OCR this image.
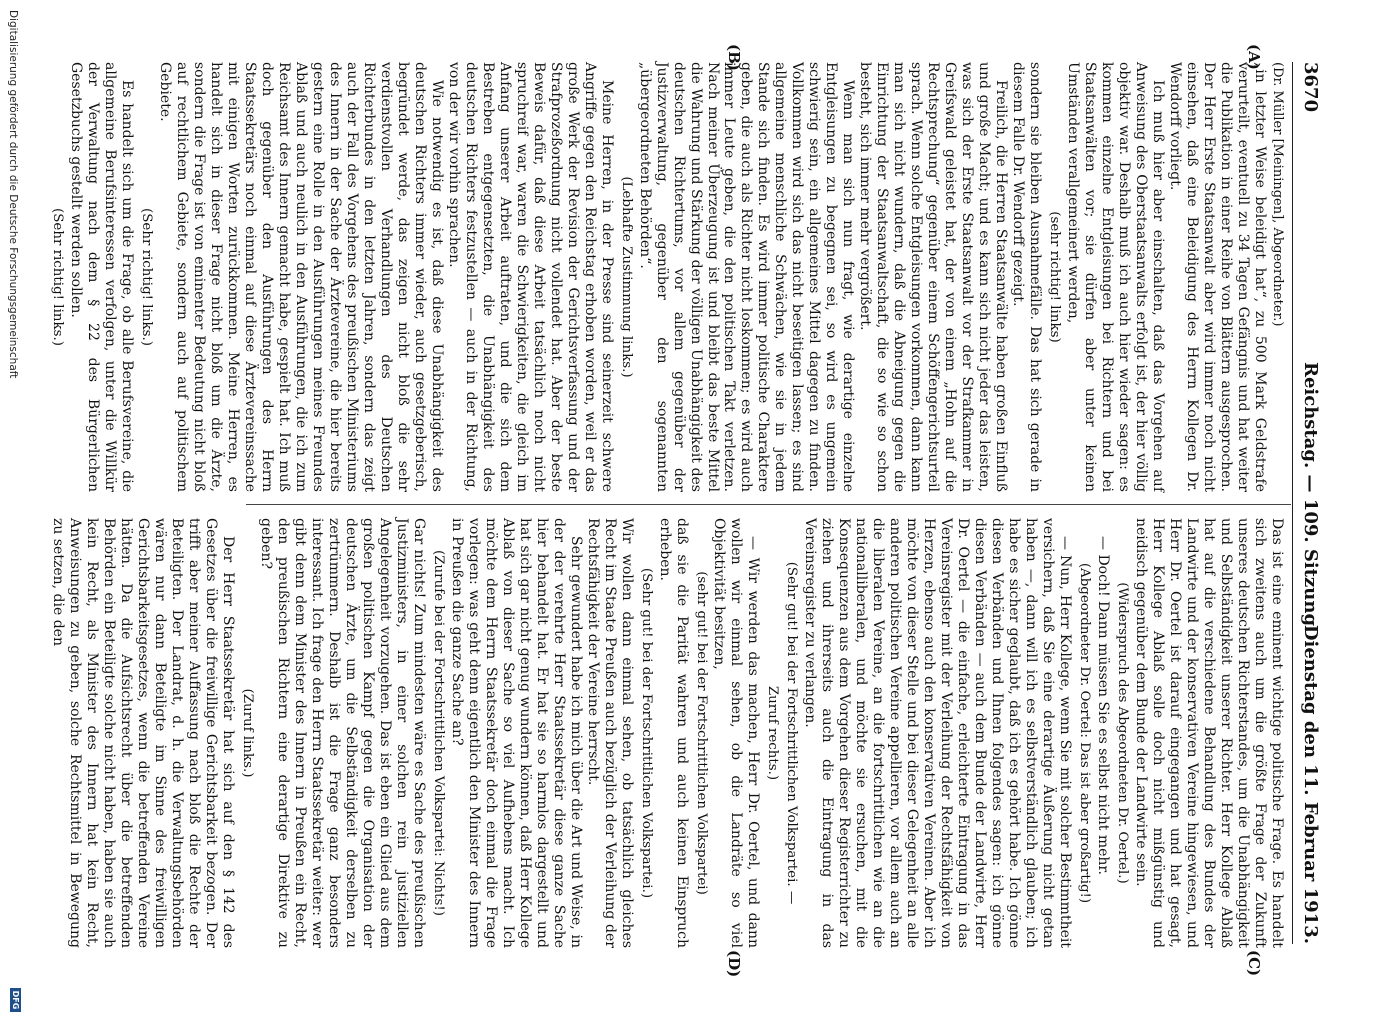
3670
Reichstag. — 109. Sitzung.
Dienstag den 11. Februar 1913.
(A)
(B)
(C)
(D)

(Dr. Müller [Meiningen], Abgeordneter.)

„in letzter Weise beleidigt hat“, zu 500 Mark Geldstrafe verurteilt, eventuell zu 34 Tagen Gefängnis und hat weiter die Publikation in einer Reihe von Blättern ausgesprochen. Der Herr Erste Staatsanwalt aber wird immer noch nicht einsehen, daß eine Beleidigung des Herrn Kollegen Dr. Wendorff vorliegt.

Ich muß hier aber einschalten, daß das Vorgehen auf Anweisung des Oberstaatsanwalts erfolgt ist, der hier völlig objektiv war. Deshalb muß ich auch hier wieder sagen: es kommen einzelne Entgleisungen bei Richtern und bei Staatsanwälten vor; sie dürfen aber unter keinen Umständen verallgemeinert werden,

(sehr richtig! links)

sondern sie bleiben Ausnahmefälle. Das hat sich gerade in diesem Falle Dr. Wendorff gezeigt.

Freilich, die Herren Staatsanwälte haben großen Einfluß und große Macht; und es kann sich nicht jeder das leisten, was sich der Erste Staatsanwalt vor der Strafkammer in Greifswald geleistet hat, der von einem „Hohn auf die Rechtsprechung“ gegenüber einem Schöffengerichtsurteil sprach. Wenn solche Entgleisungen vorkommen, dann kann man sich nicht wundern, daß die Abneigung gegen die Einrichtung der Staatsanwaltschaft, die so wie so schon besteht, sich immer mehr vergrößert.

Wenn man sich nun fragt, wie derartige einzelne Entgleisungen zu begegnen sei, so wird es ungemein schwierig sein, ein allgemeines Mittel dagegen zu finden. Vollkommen wird sich das nicht beseitigen lassen; es sind allgemeine menschliche Schwächen, wie sie in jedem Stande sich finden. Es wird immer politische Charaktere geben, die auch als Richter nicht loskommen; es wird auch immer Leute geben, die den politischen Takt verletzen. Nach meiner Überzeugung ist und bleibt das beste Mittel die Wahrung und Stärkung der völligen Unabhängigkeit des deutschen Richtertums, vor allem gegenüber der Justizverwaltung, gegenüber den sogenannten „übergeordneten Behörden“.

(Lebhafte Zustimmung links.)

Meine Herren, in der Presse sind seinerzeit schwere Angriffe gegen den Reichstag erhoben worden, weil er das große Werk der Revision der Gerichtsverfassung und der Strafprozeßordnung nicht vollendet hat. Aber der beste Beweis dafür, daß diese Arbeit tatsächlich noch nicht spruchreif war, waren die Schwierigkeiten, die gleich im Anfang unserer Arbeit auftraten, und die sich dem Bestreben entgegensetzten, die Unabhängigkeit des deutschen Richters festzustellen — auch in der Richtung, von der wir vorhin sprachen.

Wie notwendig es ist, daß diese Unabhängigkeit des deutschen Richters immer wieder, auch gesetzgeberisch, begründet werde, das zeigen nicht bloß die sehr verdienstvollen Verhandlungen des Deutschen Richterbundes in den letzten Jahren, sondern das zeigt auch der Fall des Vorgehens des preußischen Ministeriums des Innern in der Sache der Ärztevereine, die hier bereits gestern eine Rolle in den Ausführungen meines Freundes Ablaß und auch neulich in den Ausführungen, die ich zum Reichsamt des Innern gemacht habe, gespielt hat. Ich muß doch gegenüber den Ausführungen des Herrn Staatssekretärs noch einmal auf diese Ärztevereinssache mit einigen Worten zurückkommen. Meine Herren, es handelt sich in dieser Frage nicht bloß um die Ärzte, sondern die Frage ist von eminenter Bedeutung nicht bloß auf rechtlichem Gebiete, sondern auch auf politischem Gebiete.

(Sehr richtig! links.)

Es handelt sich um die Frage, ob alle Berufsvereine, die allgemeine Berufsinteressen verfolgen, unter die Willkür der Verwaltung nach dem § 22 des Bürgerlichen Gesetzbuchs gestellt werden sollen.

(Sehr richtig! links.)

Das ist eine eminent wichtige politische Frage. Es handelt sich zweitens auch um die größte Frage der Zukunft unseres deutschen Richterstandes, um die Unabhängigkeit und Selbständigkeit unserer Richter. Herr Kollege Ablaß hat auf die verschiedene Behandlung des Bundes der Landwirte und der konservativen Vereine hingewiesen, und Herr Dr. Oertel ist darauf eingegangen und hat gesagt, Herr Kollege Ablaß solle doch nicht mißgünstig und neidisch gegenüber dem Bunde der Landwirte sein.

(Widerspruch des Abgeordneten Dr. Oertel.)

— Doch! Dann müssen Sie es selbst nicht mehr.

(Abgeordneter Dr. Oertel: Das ist aber großartig!)

— Nun, Herr Kollege, wenn Sie mit solcher Bestimmtheit versichern, daß Sie eine derartige Äußerung nicht getan haben —, dann will ich es selbstverständlich glauben; ich habe es sicher geglaubt, daß ich es gehört habe. Ich gönne diesen Verbänden und Ihnen folgendes sagen: ich gönne diesen Verbänden — auch dem Bunde der Landwirte, Herr Dr. Oertel — die einfache, erleichterte Eintragung in das Vereinsregister mit der Verleihung der Rechtsfähigkeit von Herzen, ebenso auch den konservativen Vereinen. Aber ich möchte von dieser Stelle und bei dieser Gelegenheit an alle anderen politischen Vereine appellieren, vor allem auch an die liberalen Vereine, an die fortschrittlichen wie an die nationalliberalen, und möchte sie ersuchen, mit die Konsequenzen aus dem Vorgehen dieser Registerrichter zu ziehen und ihrerseits auch die Eintragung in das Vereinsregister zu verlangen.

(Sehr gut! bei der Fortschrittlichen Volkspartei. —

Zuruf rechts.)

— Wir werden das machen, Herr Dr. Oertel, und dann wollen wir einmal sehen, ob die Landräte so viel Objektivität besitzen,

(sehr gut! bei der Fortschrittlichen Volkspartei)

daß sie die Parität wahren und auch keinen Einspruch erheben.

(Sehr gut! bei der Fortschrittlichen Volkspartei.)

Wir wollen dann einmal sehen, ob tatsächlich gleiches Recht im Staate Preußen auch bezüglich der Verleihung der Rechtsfähigkeit der Vereine herrscht.

Sehr gewundert habe ich mich über die Art und Weise, in der der verehrte Herr Staatssekretär diese ganze Sache hier behandelt hat. Er hat sie so harmlos dargestellt und hat sich gar nicht genug wundern können, daß Herr Kollege Ablaß von dieser Sache so viel Aufhebens macht. Ich möchte dem Herrn Staatssekretär doch einmal die Frage vorlegen: was geht denn eigentlich den Minister des Innern in Preußen die ganze Sache an?

(Zurufe bei der Fortschrittlichen Volkspartei: Nichts!)

Gar nichts! Zum mindesten wäre es Sache des preußischen Justizministers, in einer solchen rein justiziellen Angelegenheit vorzugehen. Das ist eben ein Glied aus dem großen politischen Kampf gegen die Organisation der deutschen Ärzte, um die Selbständigkeit derselben zu zertrümmern. Deshalb ist die Frage ganz besonders interessant. Ich frage den Herrn Staatssekretär weiter: wer gibt denn dem Minister des Innern in Preußen ein Recht, den preußischen Richtern eine derartige Direktive zu geben?

(Zuruf links.)

Der Herr Staatssekretär hat sich auf den § 142 des Gesetzes über die freiwillige Gerichtsbarkeit bezogen. Der trifft aber meiner Auffassung nach bloß die Rechte der Beteiligten. Der Landrat, d. h. die Verwaltungsbehörden wären nur dann Beteiligte im Sinne des freiwilligen Gerichtsbarkeitsgesetzes, wenn die betreffenden Vereine hätten. Da die Aufsichtsrecht über die betreffenden Behörden ein Beteiligte solche nicht haben, haben sie auch kein Recht, als Minister des Innern hat kein Recht, Anweisungen zu geben, solche Rechtsmittel in Bewegung zu setzen, die den

Digitalisierung gefördert durch die Deutsche Forschungsgemeinschaft
DFG
